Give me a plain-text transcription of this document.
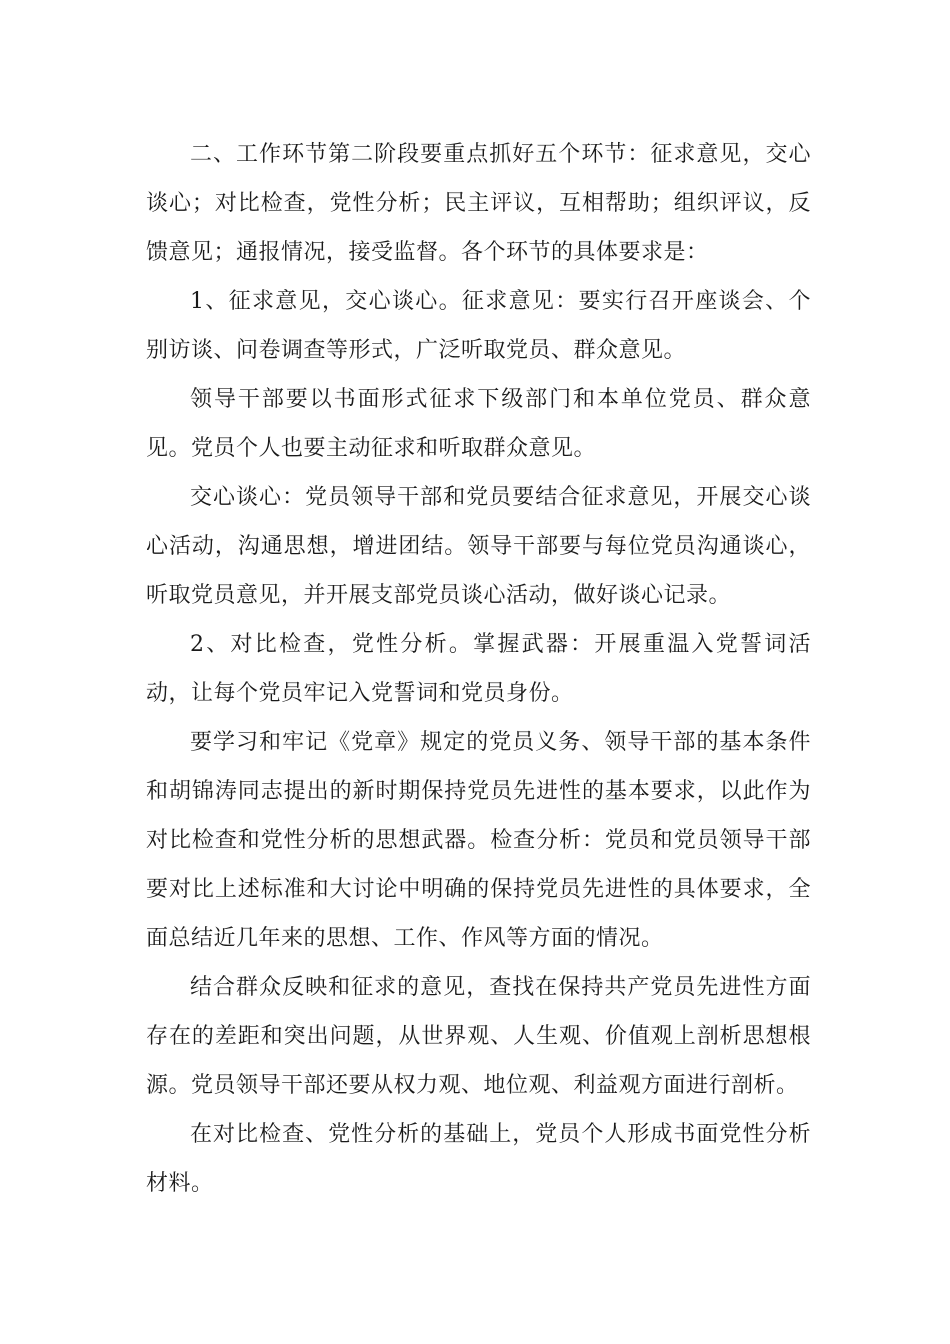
二、工作环节第二阶段要重点抓好五个环节：征求意见，交心谈心；对比检查，党性分析；民主评议，互相帮助；组织评议，反馈意见；通报情况，接受监督。各个环节的具体要求是：

1、征求意见，交心谈心。征求意见：要实行召开座谈会、个别访谈、问卷调查等形式，广泛听取党员、群众意见。

领导干部要以书面形式征求下级部门和本单位党员、群众意见。党员个人也要主动征求和听取群众意见。

交心谈心：党员领导干部和党员要结合征求意见，开展交心谈心活动，沟通思想，增进团结。领导干部要与每位党员沟通谈心，听取党员意见，并开展支部党员谈心活动，做好谈心记录。

2、对比检查，党性分析。掌握武器：开展重温入党誓词活动，让每个党员牢记入党誓词和党员身份。

要学习和牢记《党章》规定的党员义务、领导干部的基本条件和胡锦涛同志提出的新时期保持党员先进性的基本要求，以此作为对比检查和党性分析的思想武器。检查分析：党员和党员领导干部要对比上述标准和大讨论中明确的保持党员先进性的具体要求，全面总结近几年来的思想、工作、作风等方面的情况。

结合群众反映和征求的意见，查找在保持共产党员先进性方面存在的差距和突出问题，从世界观、人生观、价值观上剖析思想根源。党员领导干部还要从权力观、地位观、利益观方面进行剖析。

在对比检查、党性分析的基础上，党员个人形成书面党性分析材料。
